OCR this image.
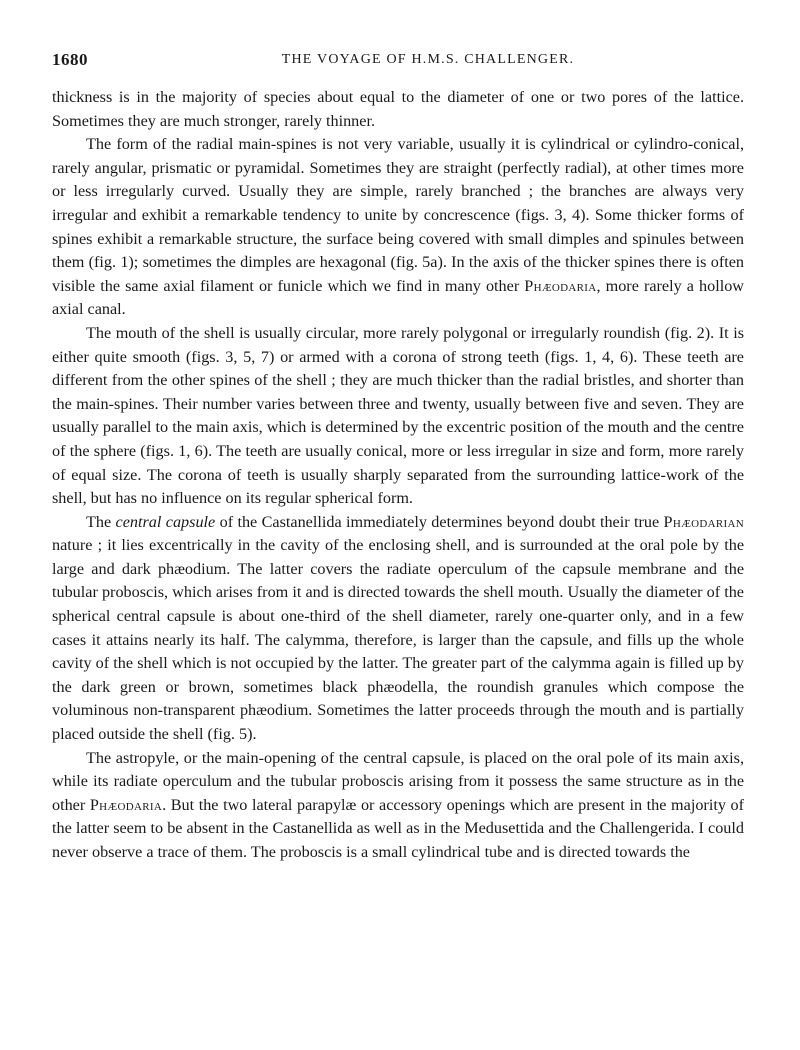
1680	THE VOYAGE OF H.M.S. CHALLENGER.

thickness is in the majority of species about equal to the diameter of one or two pores of the lattice. Sometimes they are much stronger, rarely thinner.

The form of the radial main-spines is not very variable, usually it is cylindrical or cylindro-conical, rarely angular, prismatic or pyramidal. Sometimes they are straight (perfectly radial), at other times more or less irregularly curved. Usually they are simple, rarely branched ; the branches are always very irregular and exhibit a remarkable tendency to unite by concrescence (figs. 3, 4). Some thicker forms of spines exhibit a remarkable structure, the surface being covered with small dimples and spinules between them (fig. 1); sometimes the dimples are hexagonal (fig. 5a). In the axis of the thicker spines there is often visible the same axial filament or funicle which we find in many other Phæodaria, more rarely a hollow axial canal.

The mouth of the shell is usually circular, more rarely polygonal or irregularly roundish (fig. 2). It is either quite smooth (figs. 3, 5, 7) or armed with a corona of strong teeth (figs. 1, 4, 6). These teeth are different from the other spines of the shell ; they are much thicker than the radial bristles, and shorter than the main-spines. Their number varies between three and twenty, usually between five and seven. They are usually parallel to the main axis, which is determined by the excentric position of the mouth and the centre of the sphere (figs. 1, 6). The teeth are usually conical, more or less irregular in size and form, more rarely of equal size. The corona of teeth is usually sharply separated from the surrounding lattice-work of the shell, but has no influence on its regular spherical form.

The central capsule of the Castanellida immediately determines beyond doubt their true Phæodarian nature ; it lies excentrically in the cavity of the enclosing shell, and is surrounded at the oral pole by the large and dark phæodium. The latter covers the radiate operculum of the capsule membrane and the tubular proboscis, which arises from it and is directed towards the shell mouth. Usually the diameter of the spherical central capsule is about one-third of the shell diameter, rarely one-quarter only, and in a few cases it attains nearly its half. The calymma, therefore, is larger than the capsule, and fills up the whole cavity of the shell which is not occupied by the latter. The greater part of the calymma again is filled up by the dark green or brown, sometimes black phæodella, the roundish granules which compose the voluminous non-transparent phæodium. Sometimes the latter proceeds through the mouth and is partially placed outside the shell (fig. 5).

The astropyle, or the main-opening of the central capsule, is placed on the oral pole of its main axis, while its radiate operculum and the tubular proboscis arising from it possess the same structure as in the other Phæodaria. But the two lateral parapylæ or accessory openings which are present in the majority of the latter seem to be absent in the Castanellida as well as in the Medusettida and the Challengerida. I could never observe a trace of them. The proboscis is a small cylindrical tube and is directed towards the
